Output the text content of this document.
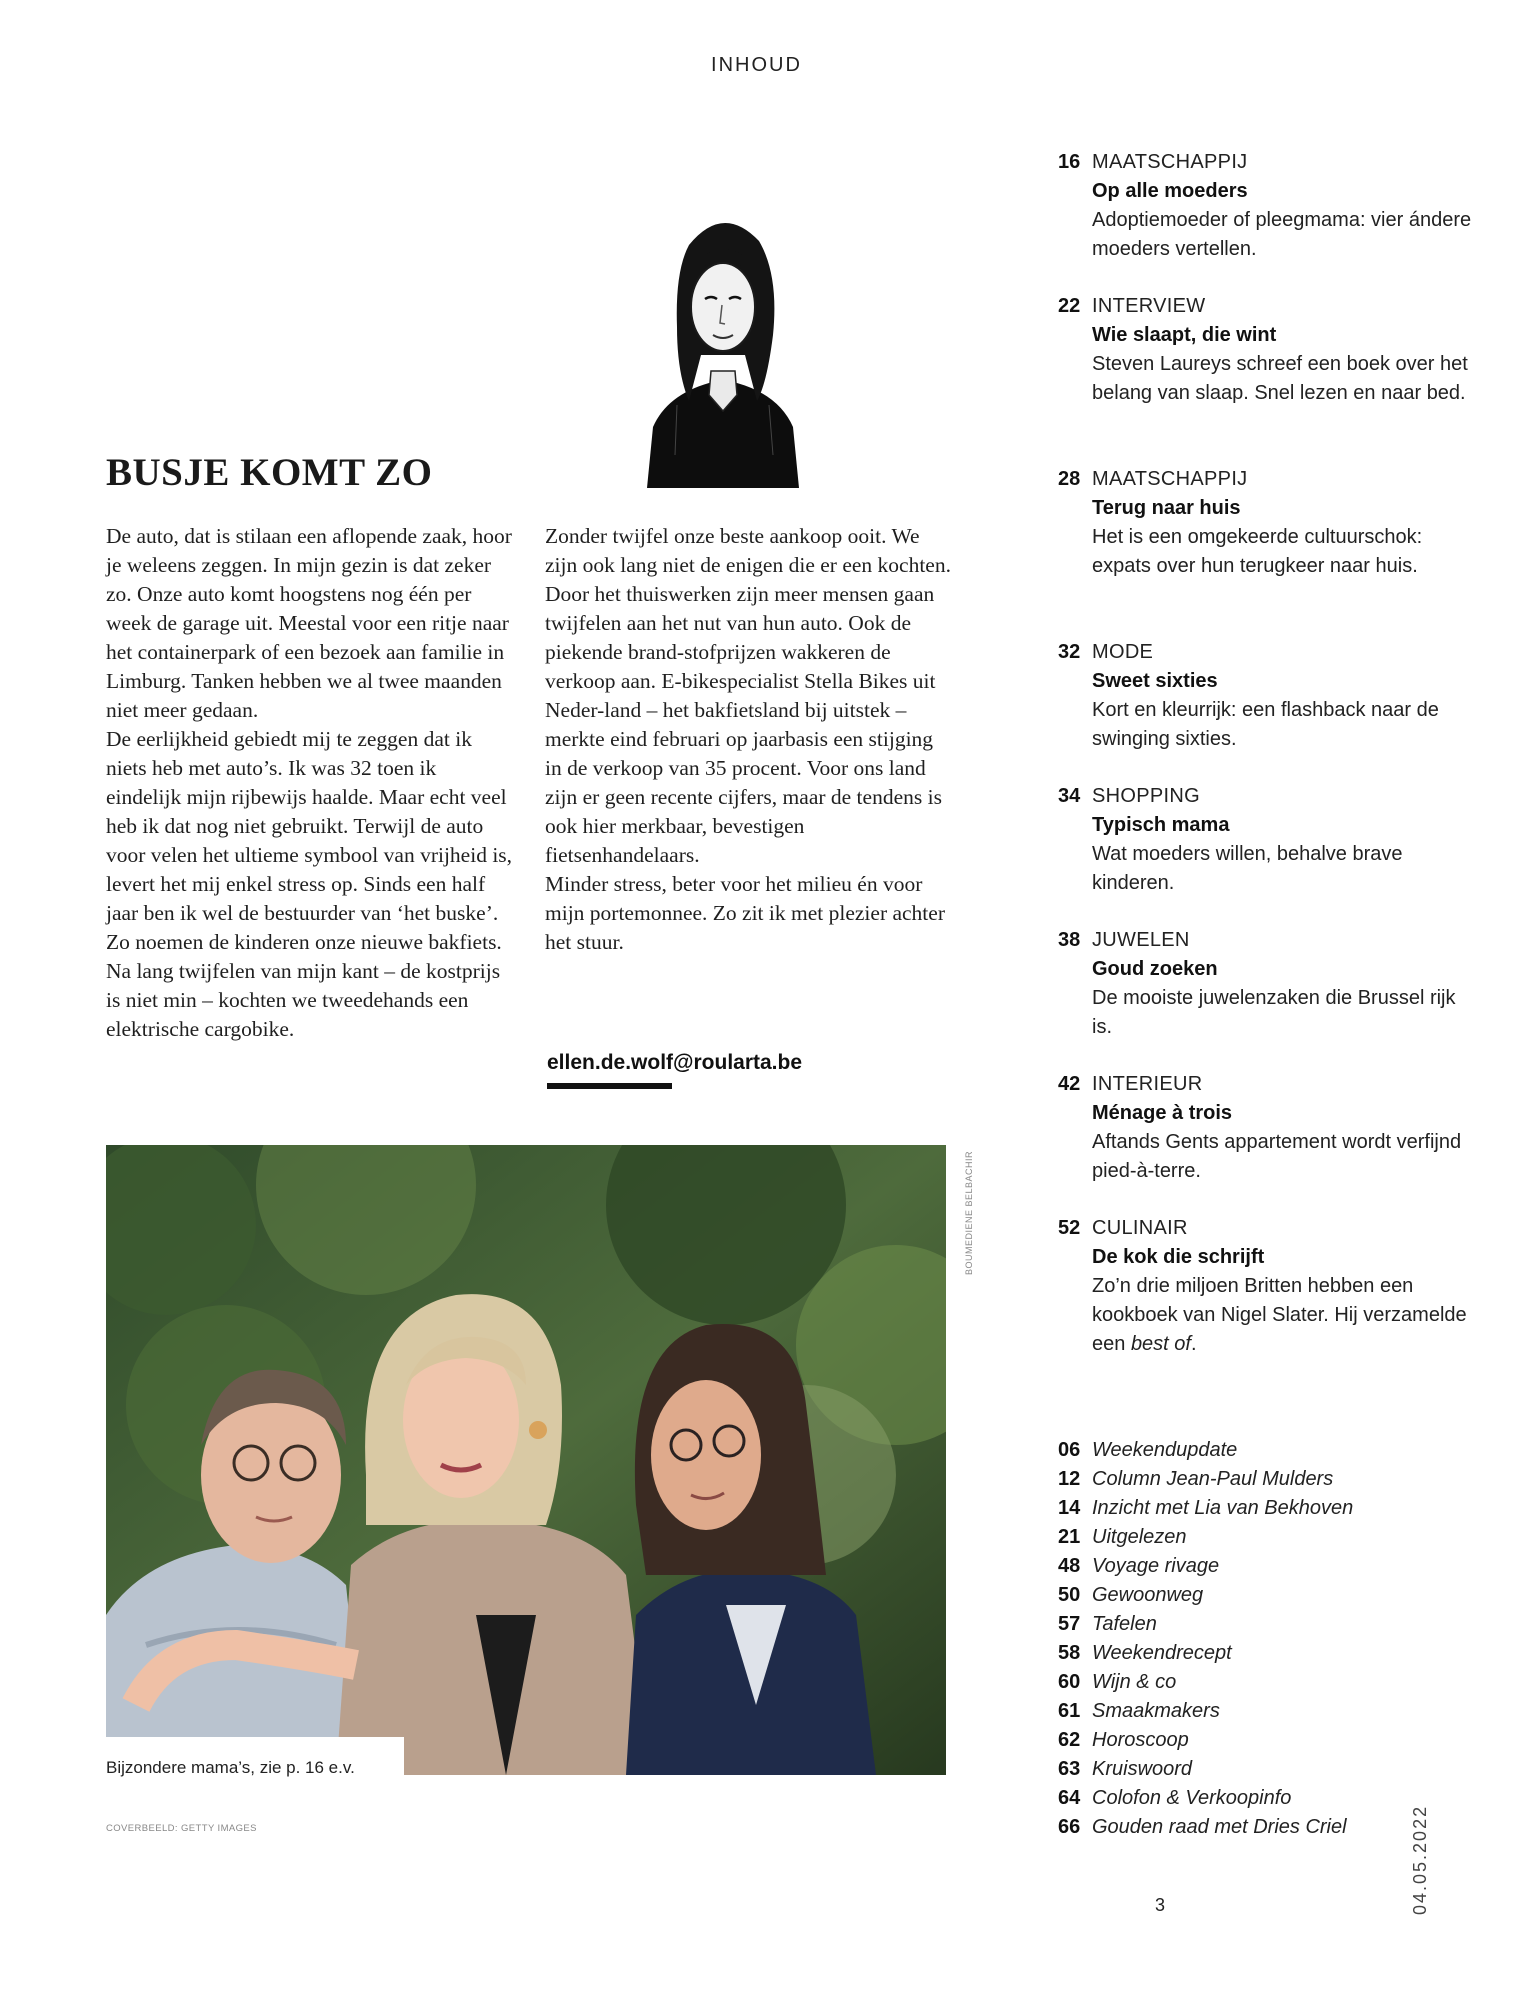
INHOUD
BUSJE KOMT ZO

De auto, dat is stilaan een aflopende zaak, hoor je weleens zeggen. In mijn gezin is dat zeker zo. Onze auto komt hoogstens nog één per week de garage uit. Meestal voor een ritje naar het containerpark of een bezoek aan familie in Limburg. Tanken hebben we al twee maanden niet meer gedaan.

De eerlijkheid gebiedt mij te zeggen dat ik niets heb met auto’s. Ik was 32 toen ik eindelijk mijn rijbewijs haalde. Maar echt veel heb ik dat nog niet gebruikt. Terwijl de auto voor velen het ultieme symbool van vrijheid is, levert het mij enkel stress op. Sinds een half jaar ben ik wel de bestuurder van ‘het buske’. Zo noemen de kinderen onze nieuwe bakfiets. Na lang twijfelen van mijn kant – de kostprijs is niet min – kochten we tweedehands een elektrische cargobike.

Zonder twijfel onze beste aankoop ooit. We zijn ook lang niet de enigen die er een kochten. Door het thuiswerken zijn meer mensen gaan twijfelen aan het nut van hun auto. Ook de piekende brand-stofprijzen wakkeren de verkoop aan. E-bikespecialist Stella Bikes uit Neder-land – het bakfietsland bij uitstek – merkte eind februari op jaarbasis een stijging in de verkoop van 35 procent. Voor ons land zijn er geen recente cijfers, maar de tendens is ook hier merkbaar, bevestigen fietsenhandelaars.

Minder stress, beter voor het milieu én voor mijn portemonnee. Zo zit ik met plezier achter het stuur.

ellen.de.wolf@roularta.be
Bijzondere mama’s, zie p. 16 e.v.
BOUMEDIENE BELBACHIR
COVERBEELD: GETTY IMAGES
16 MAATSCHAPPIJ
Op alle moeders
Adoptiemoeder of pleegmama: vier ándere moeders vertellen.
22 INTERVIEW
Wie slaapt, die wint
Steven Laureys schreef een boek over het belang van slaap. Snel lezen en naar bed.
28 MAATSCHAPPIJ
Terug naar huis
Het is een omgekeerde cultuurschok: expats over hun terugkeer naar huis.
32 MODE
Sweet sixties
Kort en kleurrijk: een flashback naar de swinging sixties.
34 SHOPPING
Typisch mama
Wat moeders willen, behalve brave kinderen.
38 JUWELEN
Goud zoeken
De mooiste juwelenzaken die Brussel rijk is.
42 INTERIEUR
Ménage à trois
Aftands Gents appartement wordt verfijnd pied-à-terre.
52 CULINAIR
De kok die schrijft
Zo’n drie miljoen Britten hebben een kookboek van Nigel Slater. Hij verzamelde een best of.
06 Weekendupdate
12 Column Jean-Paul Mulders
14 Inzicht met Lia van Bekhoven
21 Uitgelezen
48 Voyage rivage
50 Gewoonweg
57 Tafelen
58 Weekendrecept
60 Wijn & co
61 Smaakmakers
62 Horoscoop
63 Kruiswoord
64 Colofon & Verkoopinfo
66 Gouden raad met Dries Criel
3	04.05.2022
